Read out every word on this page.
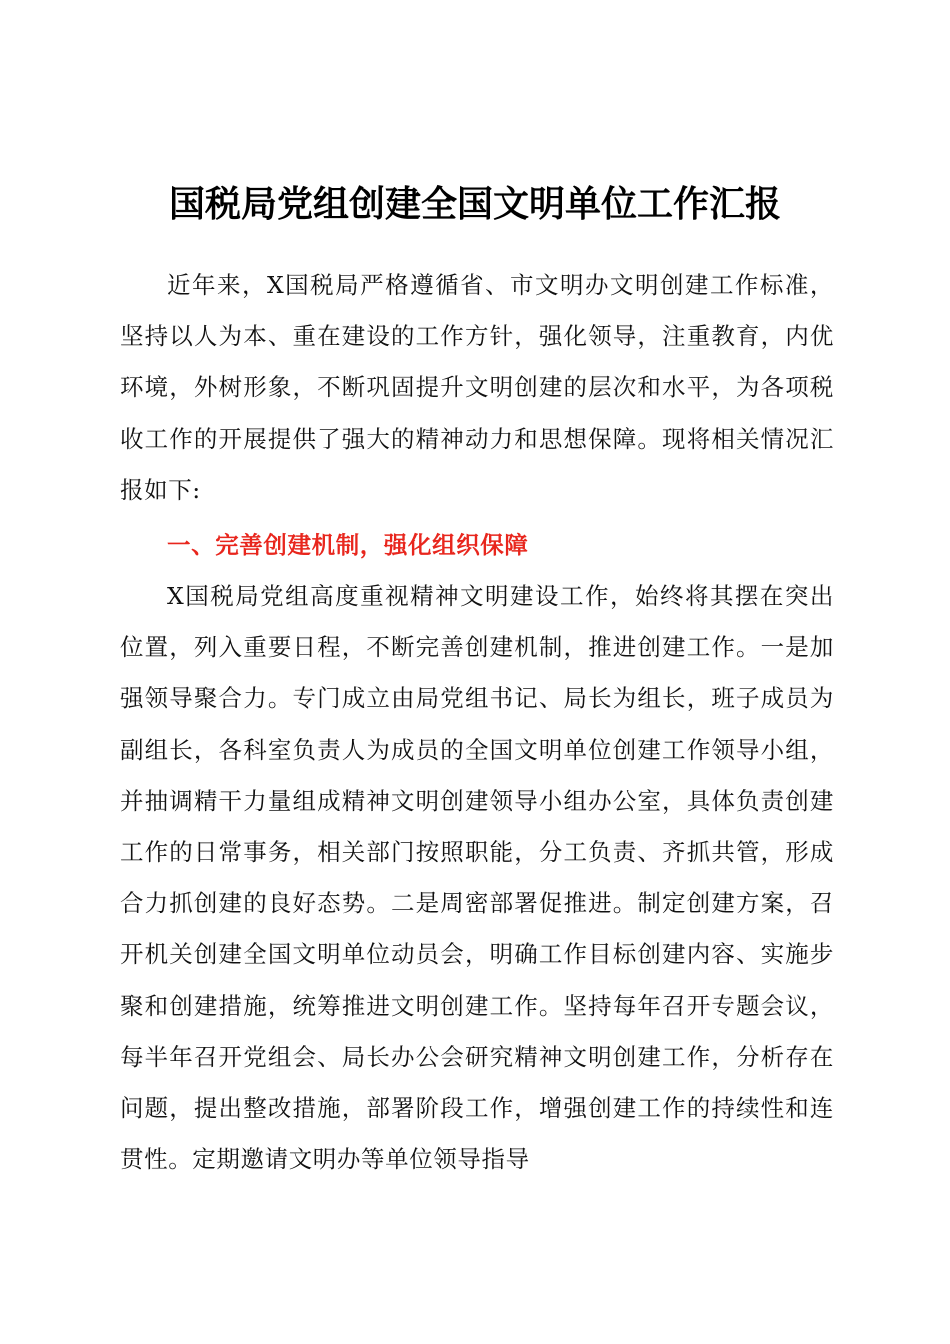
国税局党组创建全国文明单位工作汇报

近年来，X国税局严格遵循省、市文明办文明创建工作标准，坚持以人为本、重在建设的工作方针，强化领导，注重教育，内优环境，外树形象，不断巩固提升文明创建的层次和水平，为各项税收工作的开展提供了强大的精神动力和思想保障。现将相关情况汇报如下:

一、完善创建机制，强化组织保障

X国税局党组高度重视精神文明建设工作，始终将其摆在突出位置，列入重要日程，不断完善创建机制，推进创建工作。一是加强领导聚合力。专门成立由局党组书记、局长为组长，班子成员为副组长，各科室负责人为成员的全国文明单位创建工作领导小组，并抽调精干力量组成精神文明创建领导小组办公室，具体负责创建工作的日常事务，相关部门按照职能，分工负责、齐抓共管，形成合力抓创建的良好态势。二是周密部署促推进。制定创建方案，召开机关创建全国文明单位动员会，明确工作目标创建内容、实施步聚和创建措施，统筹推进文明创建工作。坚持每年召开专题会议，每半年召开党组会、局长办公会研究精神文明创建工作，分析存在问题，提出整改措施，部署阶段工作，增强创建工作的持续性和连贯性。定期邀请文明办等单位领导指导
